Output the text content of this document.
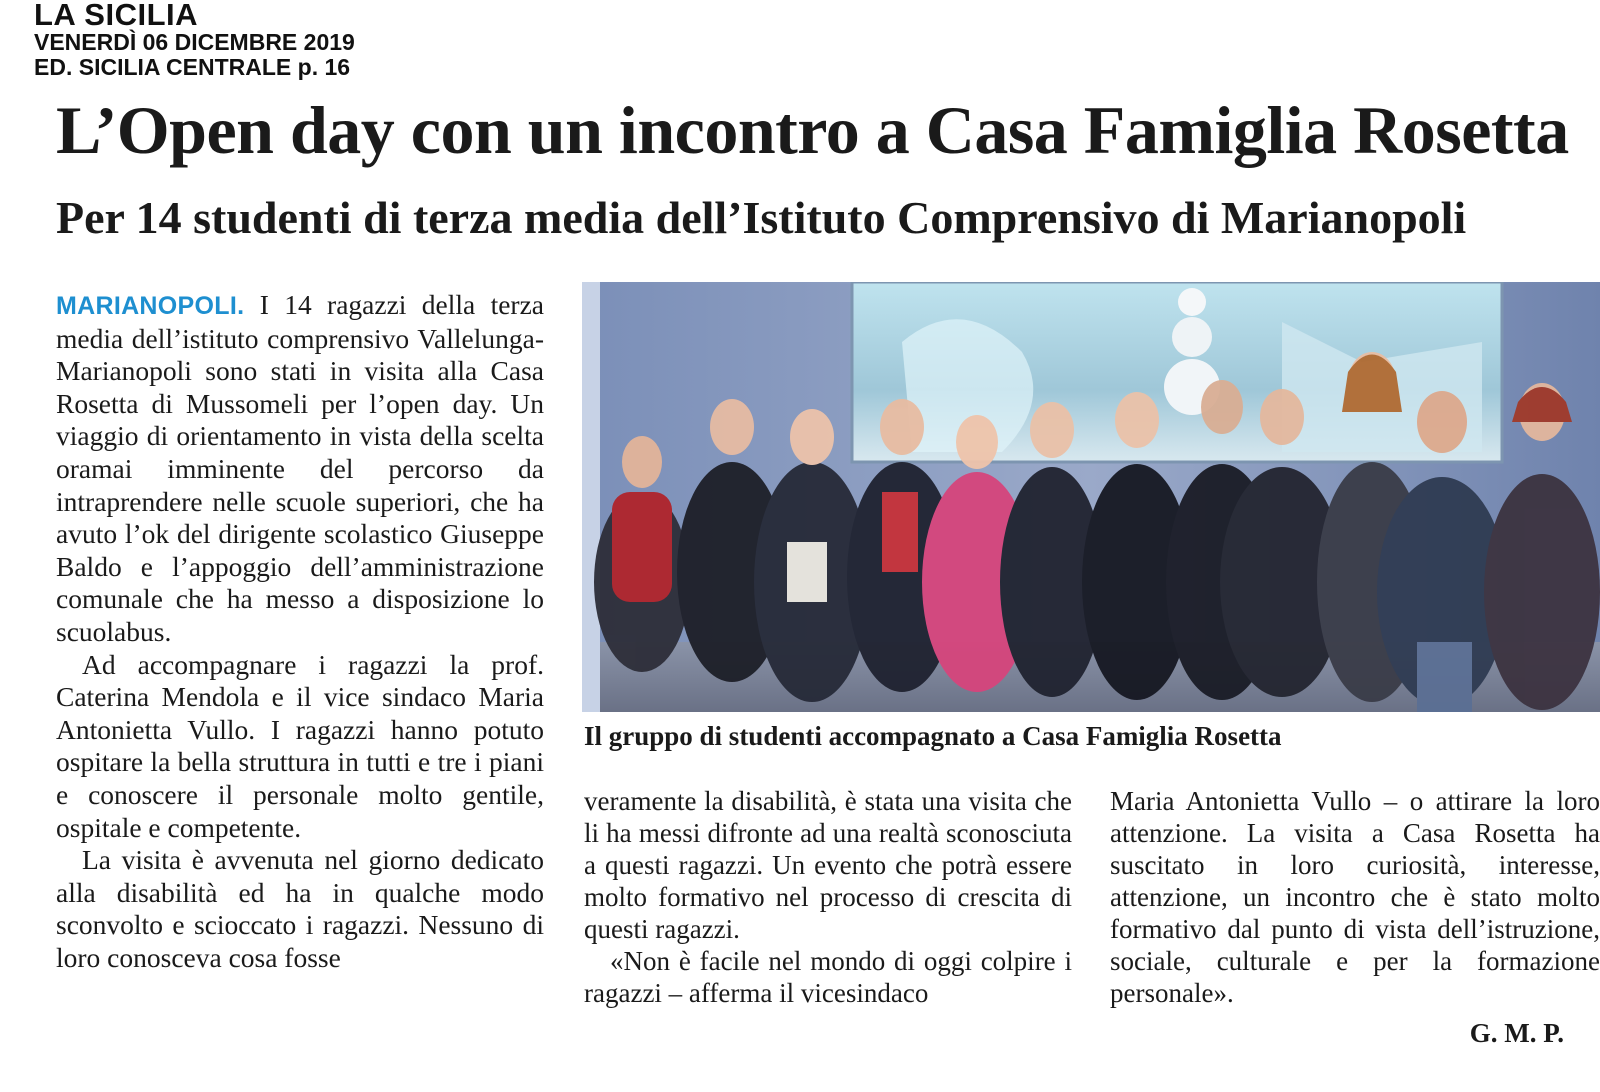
LA SICILIA
VENERDÌ 06 DICEMBRE 2019
ED. SICILIA CENTRALE p. 16
L’Open day con un incontro a Casa Famiglia Rosetta
Per 14 studenti di terza media dell’Istituto Comprensivo di Marianopoli

MARIANOPOLI. I 14 ragazzi della terza media dell’istituto comprensivo Vallelunga-Marianopoli sono stati in visita alla Casa Rosetta di Mussomeli per l’open day. Un viaggio di orientamento in vista della scelta oramai imminente del percorso da intraprendere nelle scuole superiori, che ha avuto l’ok del dirigente scolastico Giuseppe Baldo e l’appoggio dell’amministrazione comunale che ha messo a disposizione lo scuolabus.

Ad accompagnare i ragazzi la prof. Caterina Mendola e il vice sindaco Maria Antonietta Vullo. I ragazzi hanno potuto ospitare la bella struttura in tutti e tre i piani e conoscere il personale molto gentile, ospitale e competente.

La visita è avvenuta nel giorno dedicato alla disabilità ed ha in qualche modo sconvolto e scioccato i ragazzi. Nessuno di loro conosceva cosa fosse

Il gruppo di studenti accompagnato a Casa Famiglia Rosetta

veramente la disabilità, è stata una visita che li ha messi difronte ad una realtà sconosciuta a questi ragazzi. Un evento che potrà essere molto formativo nel processo di crescita di questi ragazzi.

«Non è facile nel mondo di oggi colpire i ragazzi – afferma il vicesindaco

Maria Antonietta Vullo – o attirare la loro attenzione. La visita a Casa Rosetta ha suscitato in loro curiosità, interesse, attenzione, un incontro che è stato molto formativo dal punto di vista dell’istruzione, sociale, culturale e per la formazione personale».

G. M. P.
